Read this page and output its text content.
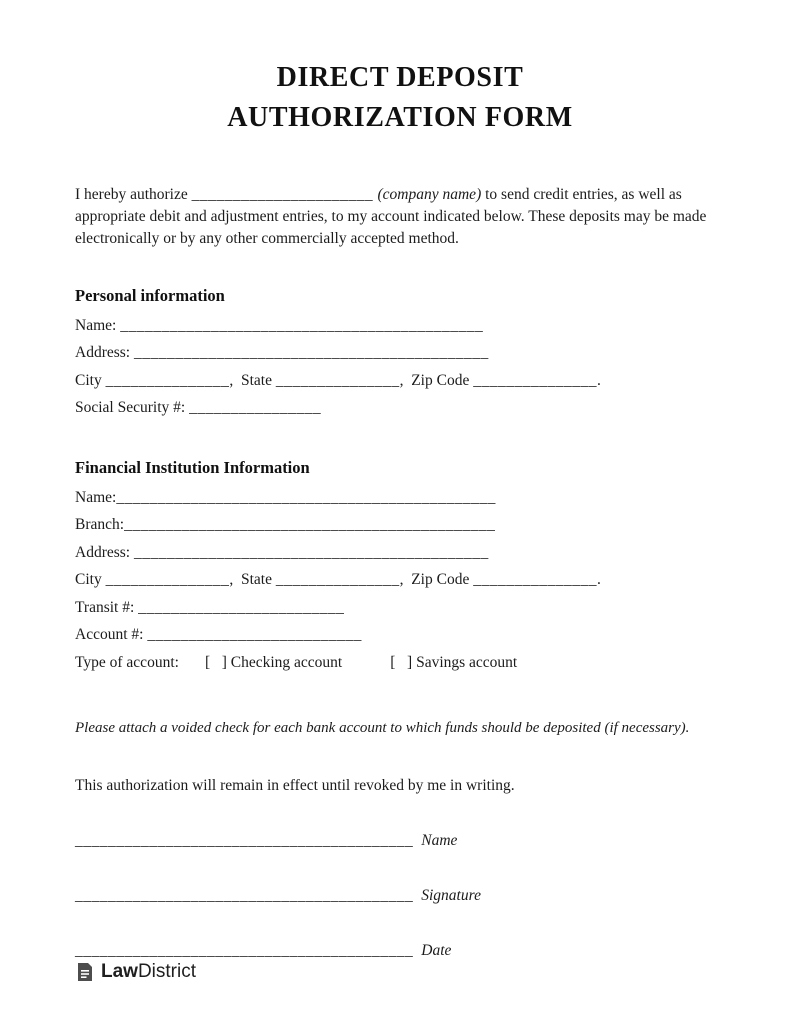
DIRECT DEPOSIT
AUTHORIZATION FORM

I hereby authorize ______________________ (company name) to send credit entries, as well as appropriate debit and adjustment entries, to my account indicated below. These deposits may be made electronically or by any other commercially accepted method.

Personal information
Name: ____________________________________________
Address: ___________________________________________
City _______________,  State _______________,  Zip Code _______________.
Social Security #: ________________
Financial Institution Information
Name:______________________________________________
Branch:_____________________________________________
Address: ___________________________________________
City _______________,  State _______________,  Zip Code _______________.
Transit #: _________________________
Account #: __________________________
Type of account: [   ] Checking account	[   ] Savings account

Please attach a voided check for each bank account to which funds should be deposited (if necessary).

This authorization will remain in effect until revoked by me in writing.

_________________________________________ Name
_________________________________________ Signature
_________________________________________ Date
LawDistrict
